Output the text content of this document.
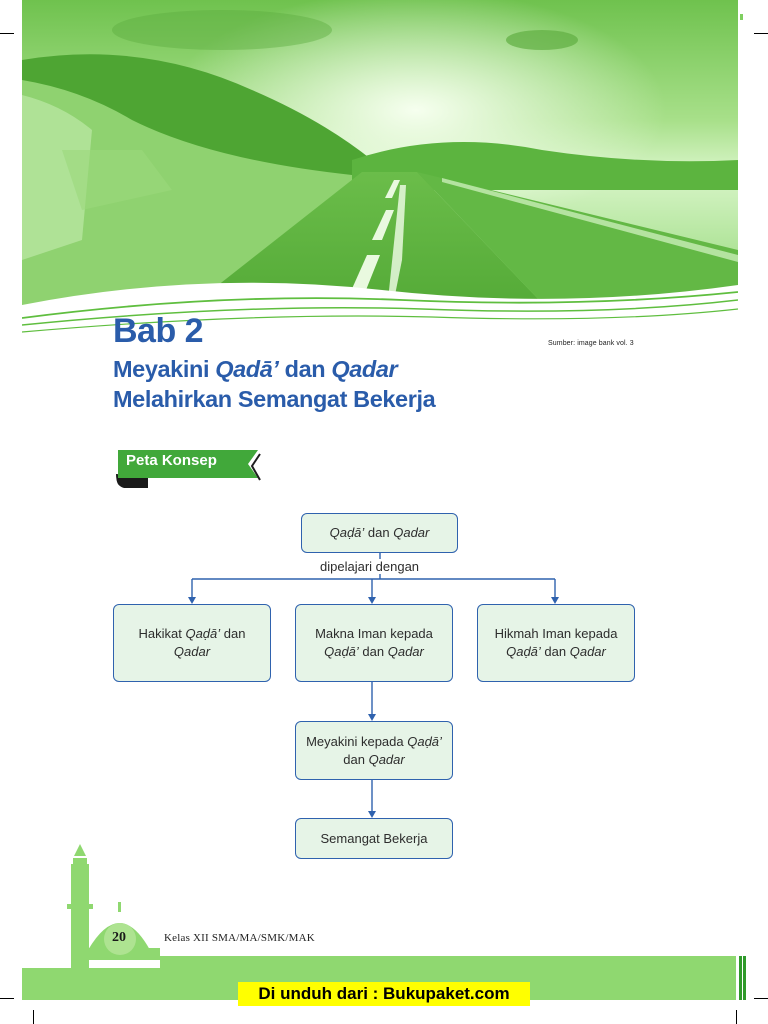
Sumber: image bank vol. 3
Bab 2
Meyakini Qadā’ dan Qadar
Melahirkan Semangat Bekerja
Peta Konsep
Qaḍā’ dan Qadar
dipelajari dengan
Hakikat Qaḍā’ dan Qadar
Makna Iman kepada Qaḍā’ dan Qadar
Hikmah Iman kepada Qaḍā’ dan Qadar
Meyakini kepada Qaḍā’ dan Qadar
Semangat Bekerja
20	Kelas XII SMA/MA/SMK/MAK
Di unduh dari : Bukupaket.com
